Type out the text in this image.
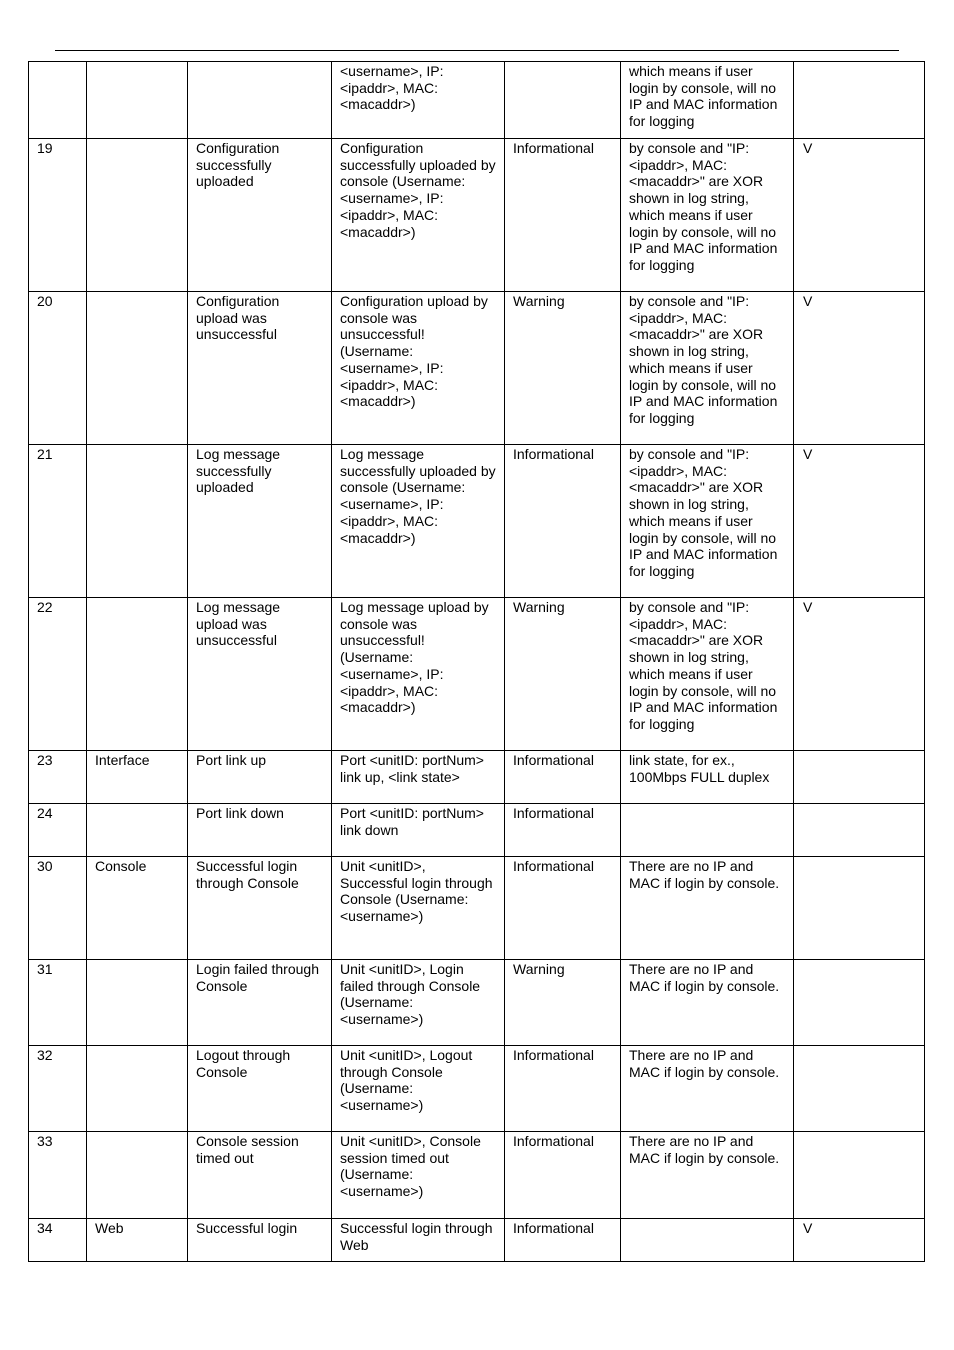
			<username>, IP: <ipaddr>, MAC: <macaddr>)		which means if user login by console, will no IP and MAC information for logging	
19		Configuration successfully uploaded	Configuration successfully uploaded by console (Username: <username>, IP: <ipaddr>, MAC: <macaddr>)	Informational	by console and "IP: <ipaddr>, MAC: <macaddr>" are XOR shown in log string, which means if user login by console, will no IP and MAC information for logging	V
20		Configuration upload was unsuccessful	Configuration upload by console was unsuccessful! (Username: <username>, IP: <ipaddr>, MAC: <macaddr>)	Warning	by console and "IP: <ipaddr>, MAC: <macaddr>" are XOR shown in log string, which means if user login by console, will no IP and MAC information for logging	V
21		Log message successfully uploaded	Log message successfully uploaded by console (Username: <username>, IP: <ipaddr>, MAC: <macaddr>)	Informational	by console and "IP: <ipaddr>, MAC: <macaddr>" are XOR shown in log string, which means if user login by console, will no IP and MAC information for logging	V
22		Log message upload was unsuccessful	Log message upload by console was unsuccessful! (Username: <username>, IP: <ipaddr>, MAC: <macaddr>)	Warning	by console and "IP: <ipaddr>, MAC: <macaddr>" are XOR shown in log string, which means if user login by console, will no IP and MAC information for logging	V
23	Interface	Port link up	Port <unitID: portNum> link up, <link state>	Informational	link state, for ex., 100Mbps FULL duplex	
24		Port link down	Port <unitID: portNum> link down	Informational		
30	Console	Successful login through Console	Unit <unitID>, Successful login through Console (Username: <username>)	Informational	There are no IP and MAC if login by console.	
31		Login failed through Console	Unit <unitID>, Login failed through Console (Username: <username>)	Warning	There are no IP and MAC if login by console.	
32		Logout through Console	Unit <unitID>, Logout through Console (Username: <username>)	Informational	There are no IP and MAC if login by console.	
33		Console session timed out	Unit <unitID>, Console session timed out (Username: <username>)	Informational	There are no IP and MAC if login by console.	
34	Web	Successful login	Successful login through Web	Informational		V
